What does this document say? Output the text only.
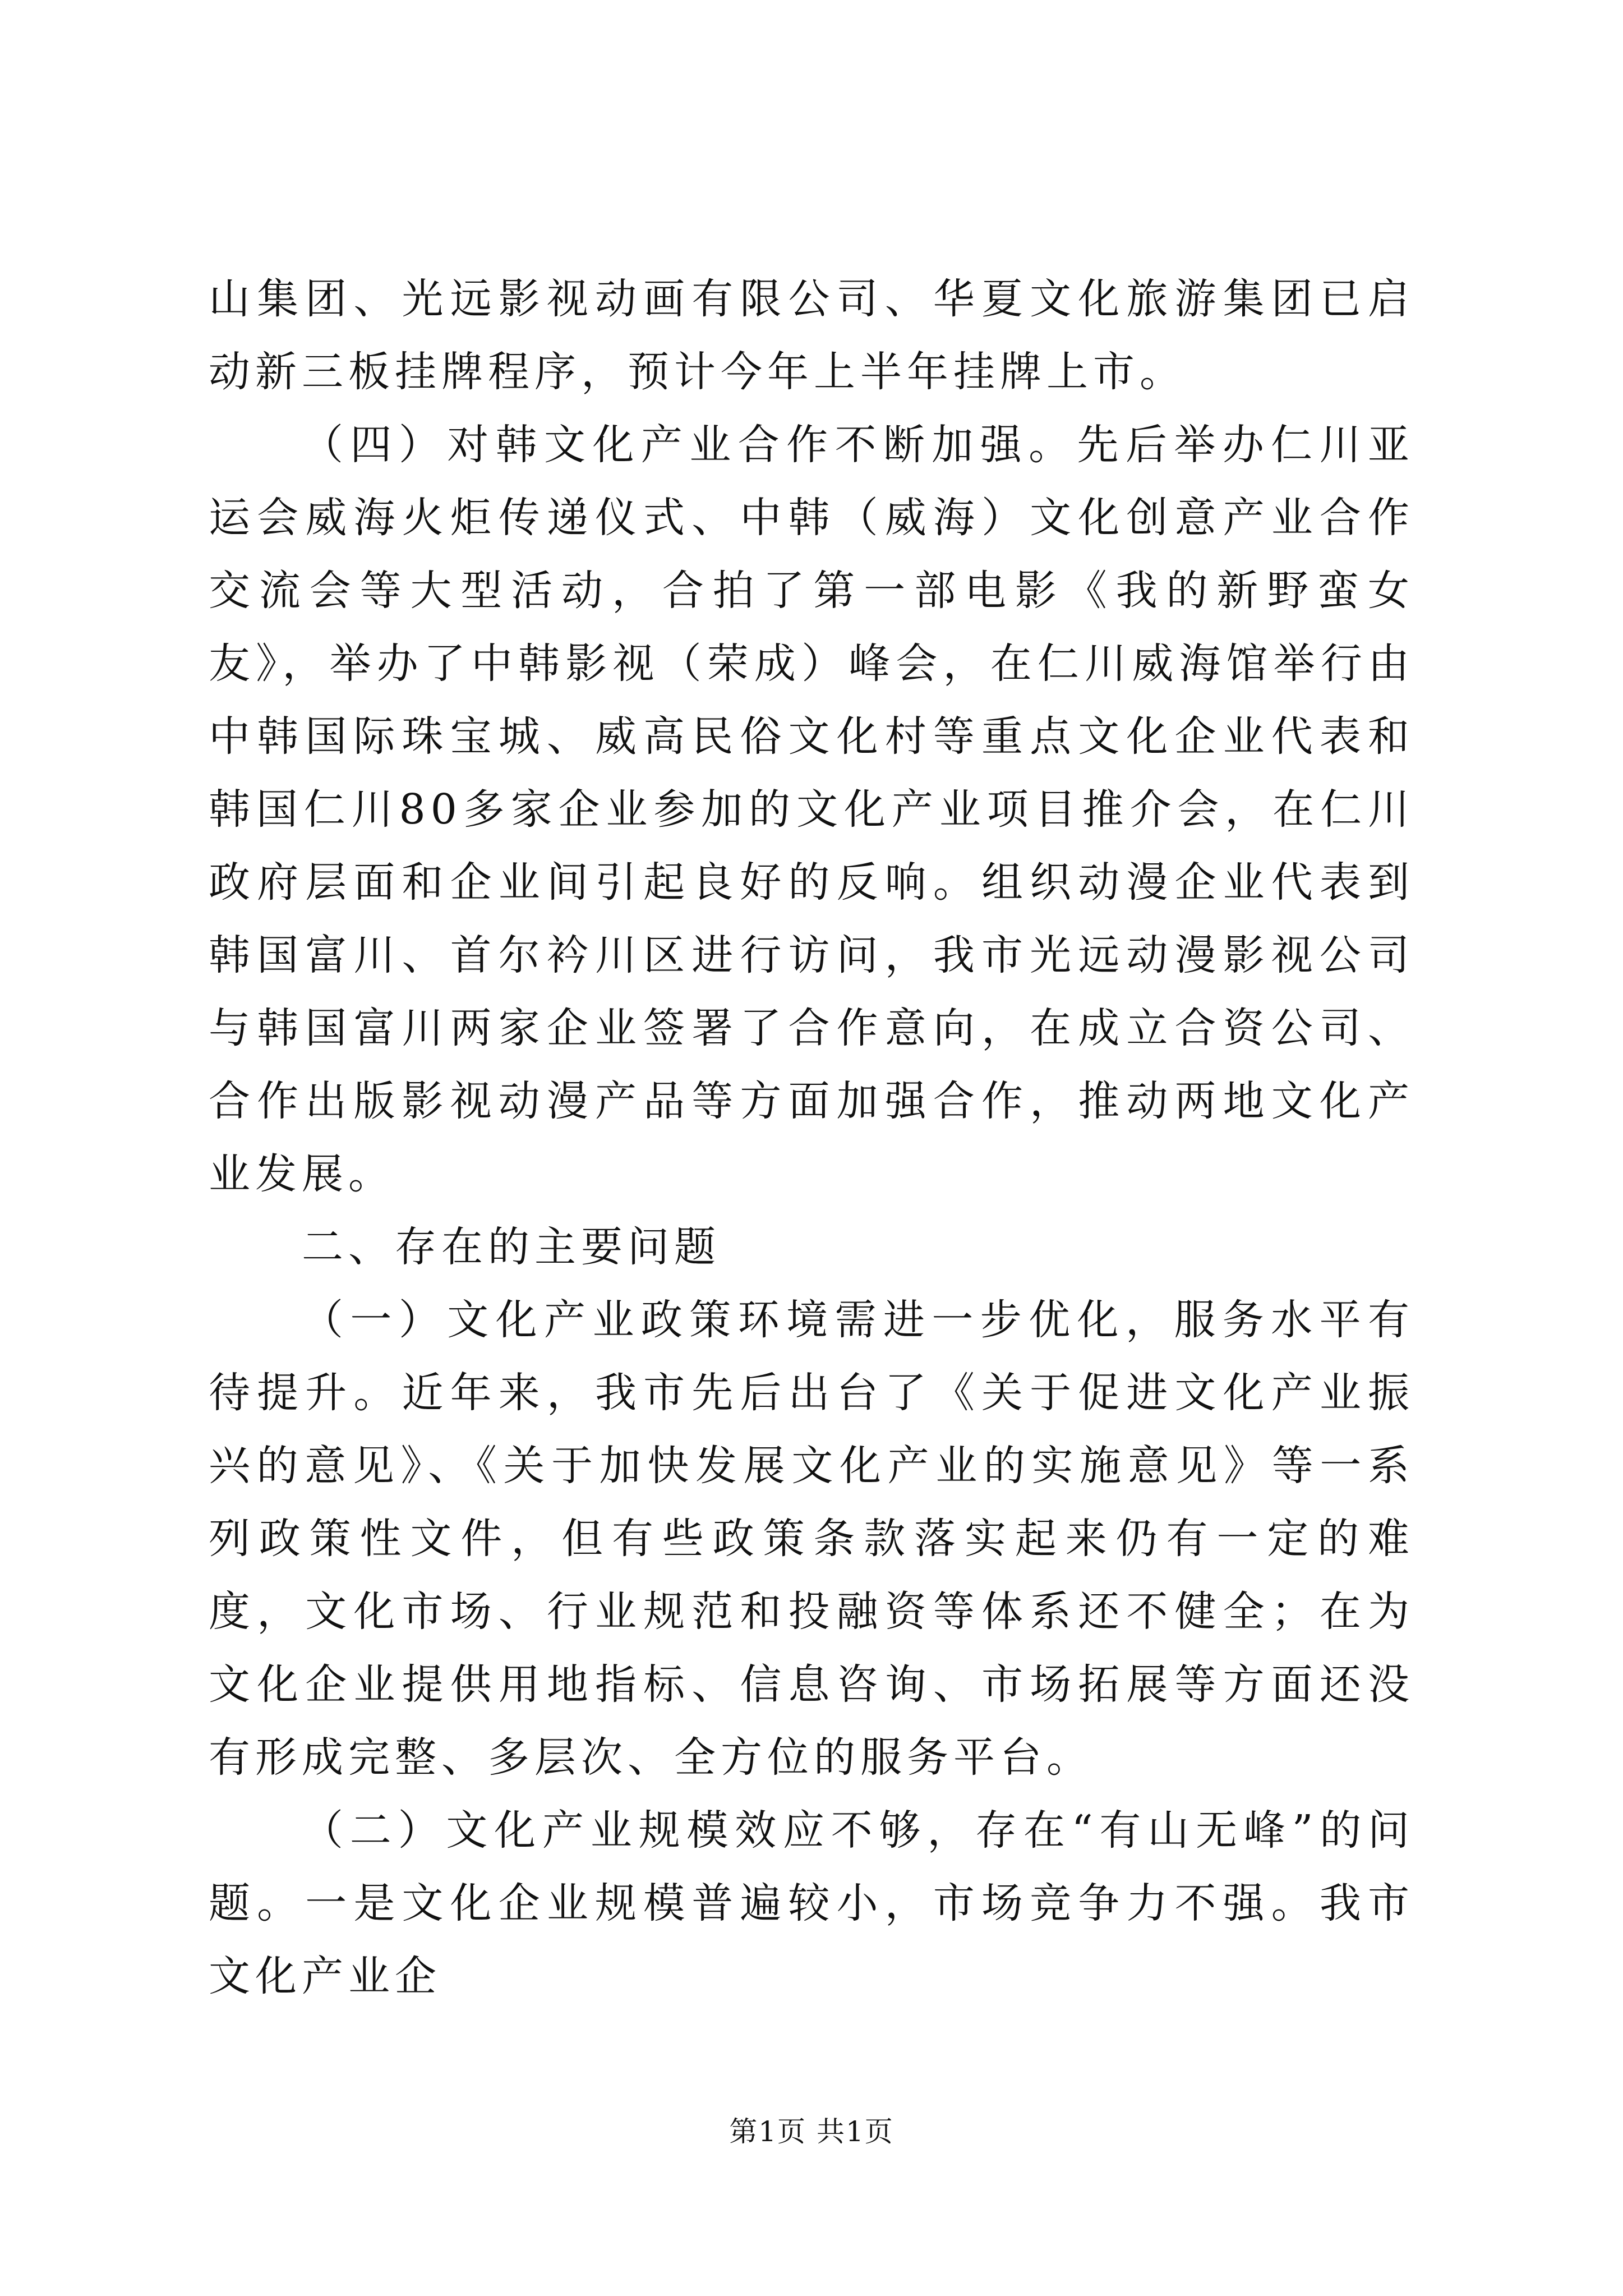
山集团、光远影视动画有限公司、华夏文化旅游集团已启动新三板挂牌程序，预计今年上半年挂牌上市。

（四）对韩文化产业合作不断加强。先后举办仁川亚运会威海火炬传递仪式、中韩（威海）文化创意产业合作交流会等大型活动，合拍了第一部电影《我的新野蛮女友》，举办了中韩影视（荣成）峰会，在仁川威海馆举行由中韩国际珠宝城、威高民俗文化村等重点文化企业代表和韩国仁川80多家企业参加的文化产业项目推介会，在仁川政府层面和企业间引起良好的反响。组织动漫企业代表到韩国富川、首尔衿川区进行访问，我市光远动漫影视公司与韩国富川两家企业签署了合作意向，在成立合资公司、合作出版影视动漫产品等方面加强合作，推动两地文化产业发展。

二、存在的主要问题

（一）文化产业政策环境需进一步优化，服务水平有待提升。近年来，我市先后出台了《关于促进文化产业振兴的意见》、《关于加快发展文化产业的实施意见》等一系列政策性文件，但有些政策条款落实起来仍有一定的难度，文化市场、行业规范和投融资等体系还不健全；在为文化企业提供用地指标、信息咨询、市场拓展等方面还没有形成完整、多层次、全方位的服务平台。

（二）文化产业规模效应不够，存在“有山无峰”的问题。一是文化企业规模普遍较小，市场竞争力不强。我市文化产业企

第1页 共1页
